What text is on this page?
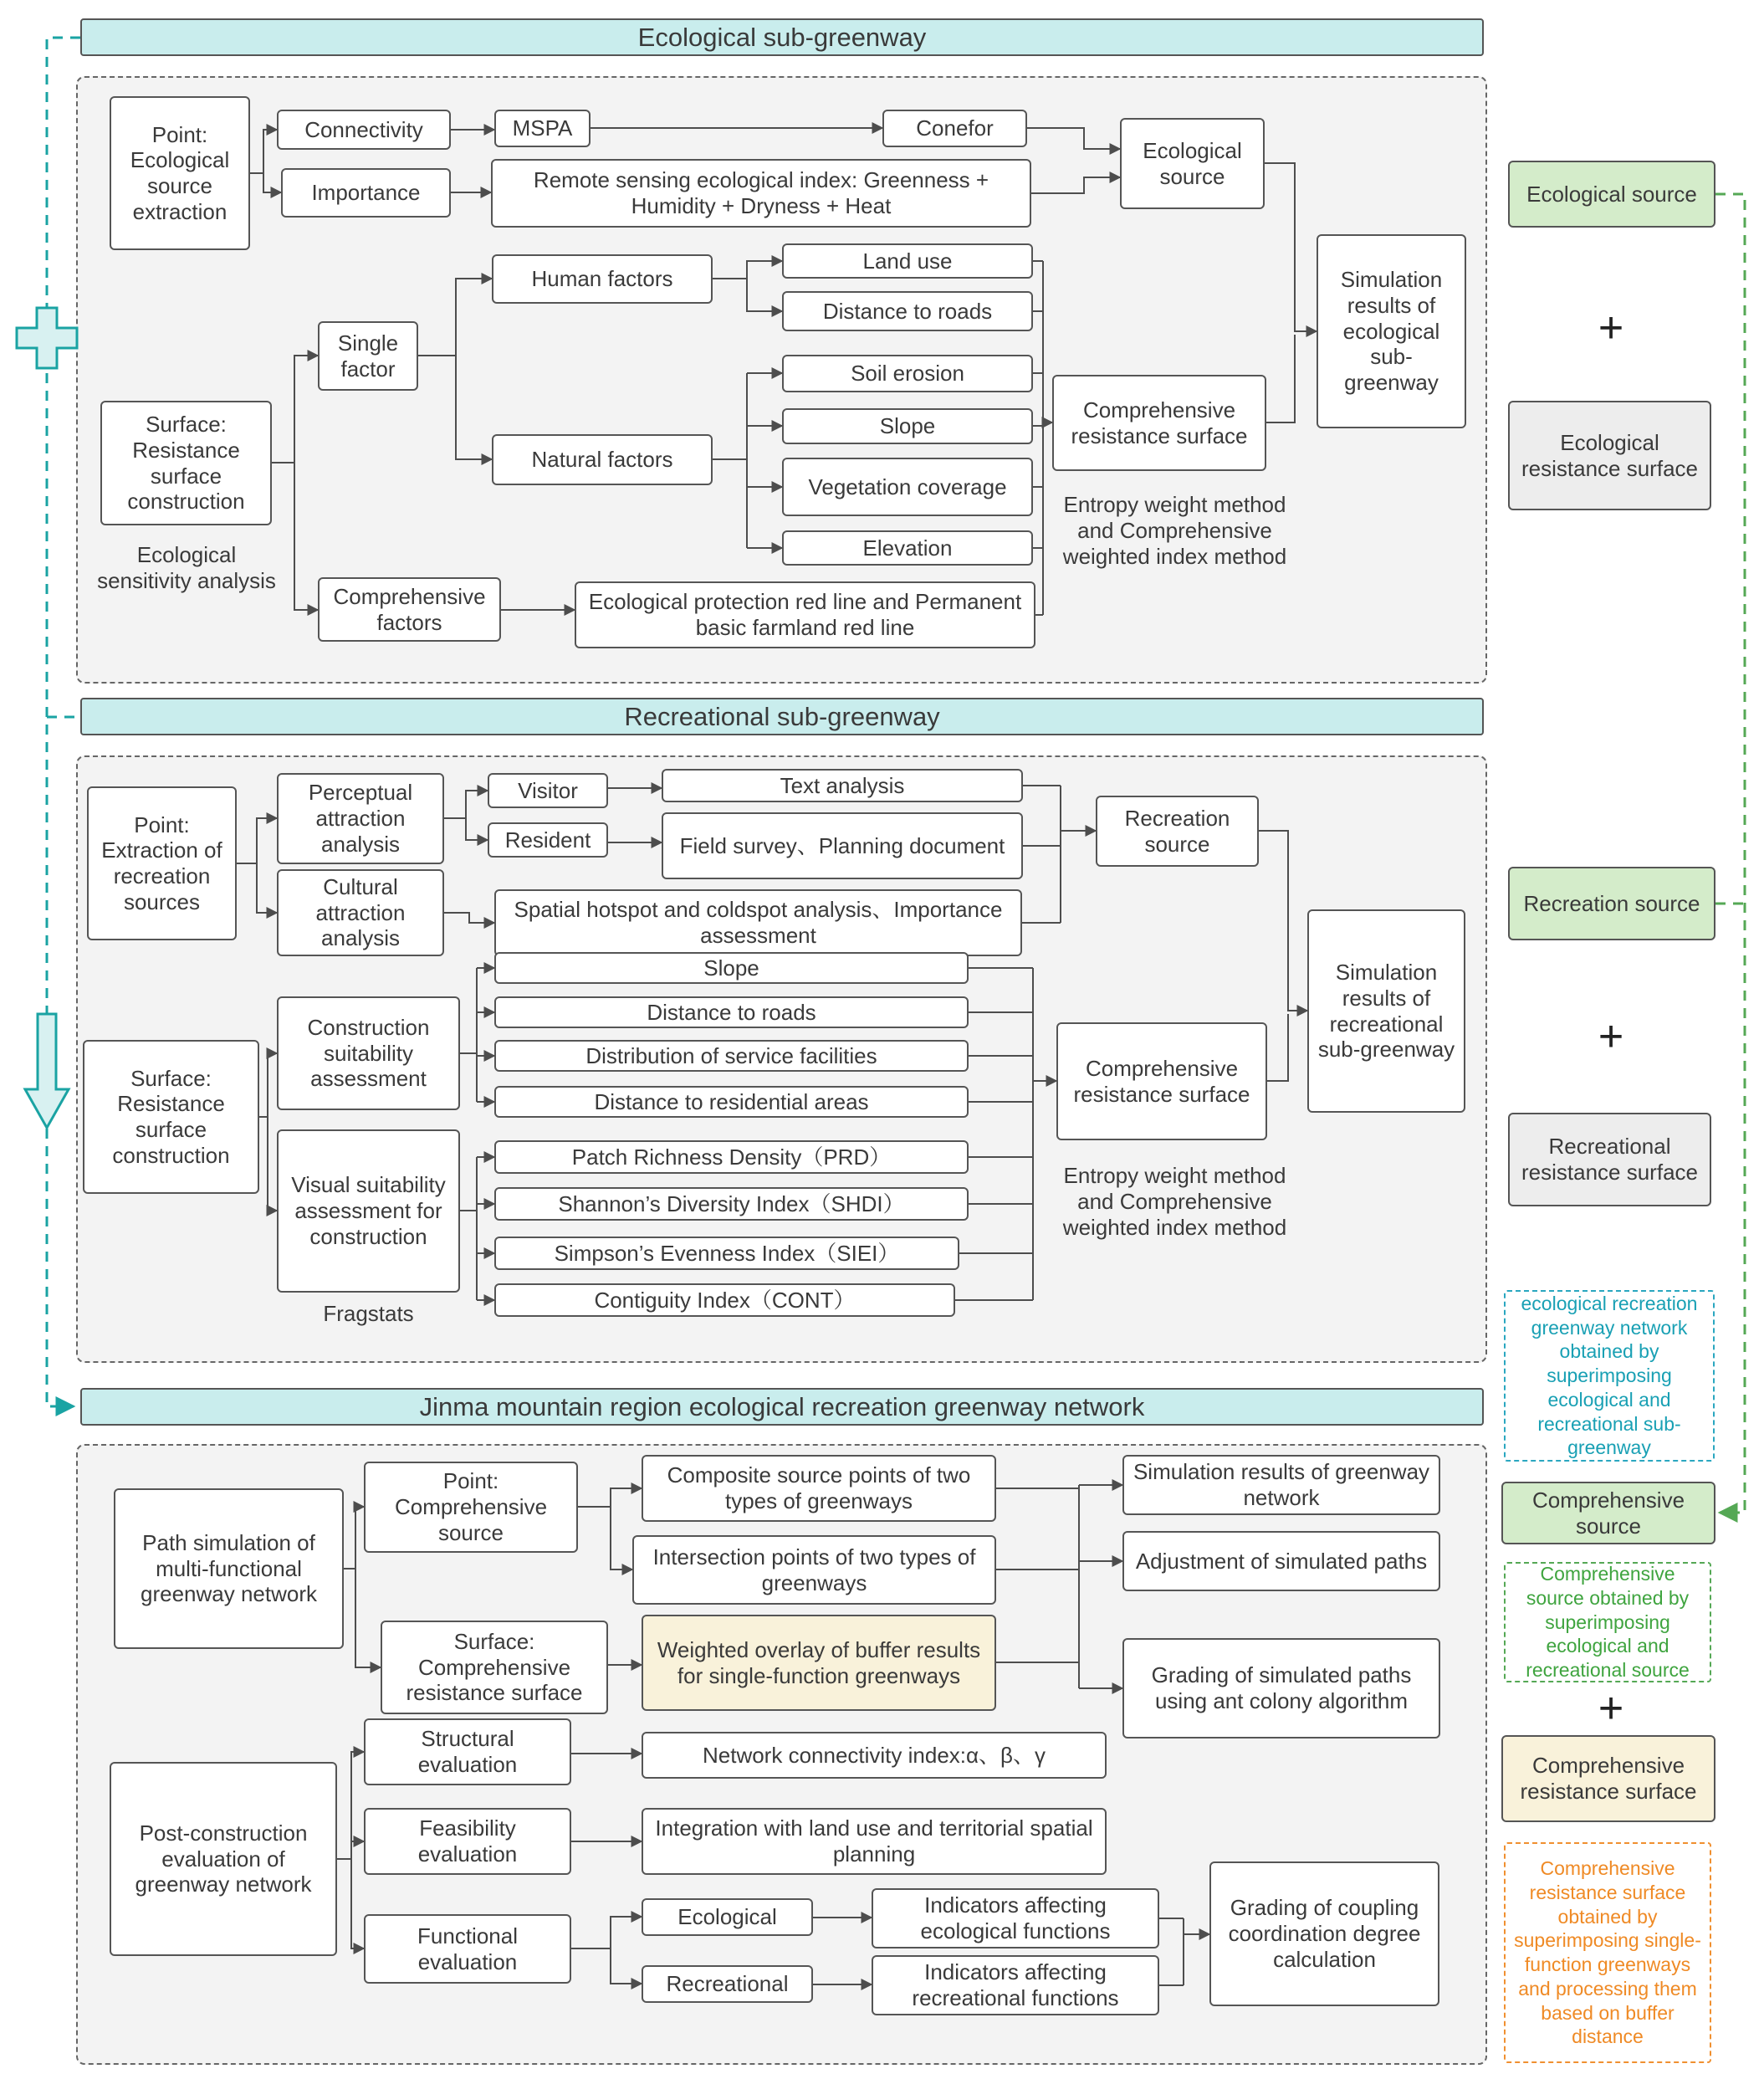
Ecological sub-greenway
Recreational sub-greenway
Jinma mountain region ecological recreation greenway network
Point: Ecological source extraction
Connectivity	MSPA	Conefor
Importance	Remote sensing ecological index: Greenness + Humidity + Dryness + Heat
Ecological source
Human factors
Land use
Distance to roads
Single factor
Natural factors
Soil erosion
Slope
Vegetation coverage
Elevation
Comprehensive resistance surface
Entropy weight method and Comprehensive weighted index method
Simulation results of ecological sub-greenway
Surface: Resistance surface construction
Ecological sensitivity analysis
Comprehensive factors
Ecological protection red line and Permanent basic farmland red line
Ecological source
+
Ecological resistance surface
Point: Extraction of recreation sources
Perceptual attraction analysis
Visitor	Text analysis
Resident	Field survey、Planning document
Cultural attraction analysis
Spatial hotspot and coldspot analysis、Importance assessment
Recreation source
Surface: Resistance surface construction
Construction suitability assessment
Slope
Distance to roads
Distribution of service facilities
Distance to residential areas
Visual suitability assessment for construction
Fragstats
Patch Richness Density（PRD）
Shannon’s Diversity Index（SHDI）
Simpson’s Evenness Index（SIEI）
Contiguity Index（CONT）
Comprehensive resistance surface
Entropy weight method and Comprehensive weighted index method
Simulation results of recreational sub-greenway
Recreation source
+
Recreational resistance surface
ecological recreation greenway network obtained by superimposing ecological and recreational sub-greenway
Path simulation of multi-functional greenway network
Point: Comprehensive source
Composite source points of two types of greenways
Intersection points of two types of greenways
Surface: Comprehensive resistance surface
Weighted overlay of buffer results for single-function greenways
Simulation results of greenway network
Adjustment of simulated paths
Grading of simulated paths using ant colony algorithm
Post-construction evaluation of greenway network
Structural evaluation	Network connectivity index:α、β、γ
Feasibility evaluation
Integration with land use and territorial spatial planning
Functional evaluation
Ecological	Indicators affecting ecological functions
Recreational	Indicators affecting recreational functions
Grading of coupling coordination degree calculation
Comprehensive source
Comprehensive source obtained by superimposing ecological and recreational source
+
Comprehensive resistance surface
Comprehensive resistance surface obtained by superimposing single-function greenways and processing them based on buffer distance
